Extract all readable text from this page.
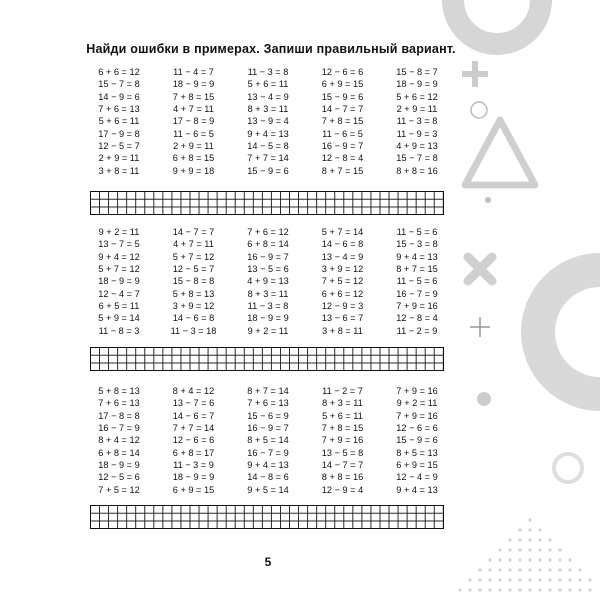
Найди ошибки в примерах. Запиши правильный вариант.
6 + 6 = 12
15 − 7 = 8
14 − 9 = 6
7 + 6 = 13
5 + 6 = 11
17 − 9 = 8
12 − 5 = 7
2 + 9 = 11
3 + 8 = 11
11 − 4 = 7
18 − 9 = 9
7 + 8 = 15
4 + 7 = 11
17 − 8 = 9
11 − 6 = 5
2 + 9 = 11
6 + 8 = 15
9 + 9 = 18
11 − 3 = 8
5 + 6 = 11
13 − 4 = 9
8 + 3 = 11
13 − 9 = 4
9 + 4 = 13
14 − 5 = 8
7 + 7 = 14
15 − 9 = 6
12 − 6 = 6
6 + 9 = 15
15 − 9 = 6
14 − 7 = 7
7 + 8 = 15
11 − 6 = 5
16 − 9 = 7
12 − 8 = 4
8 + 7 = 15
15 − 8 = 7
18 − 9 = 9
5 + 6 = 12
2 + 9 = 11
11 − 3 = 8
11 − 9 = 3
4 + 9 = 13
15 − 7 = 8
8 + 8 = 16
9 + 2 = 11
13 − 7 = 5
9 + 4 = 12
5 + 7 = 12
18 − 9 = 9
12 − 4 = 7
6 + 5 = 11
5 + 9 = 14
11 − 8 = 3
14 − 7 = 7
4 + 7 = 11
5 + 7 = 12
12 − 5 = 7
15 − 8 = 8
5 + 8 = 13
3 + 9 = 12
14 − 6 = 8
11 − 3 = 18
7 + 6 = 12
6 + 8 = 14
16 − 9 = 7
13 − 5 = 6
4 + 9 = 13
8 + 3 = 11
11 − 3 = 8
18 − 9 = 9
9 + 2 = 11
5 + 7 = 14
14 − 6 = 8
13 − 4 = 9
3 + 9 = 12
7 + 5 = 12
6 + 6 = 12
12 − 9 = 3
13 − 6 = 7
3 + 8 = 11
11 − 5 = 6
15 − 3 = 8
9 + 4 = 13
8 + 7 = 15
11 − 5 = 6
16 − 7 = 9
7 + 9 = 16
12 − 8 = 4
11 − 2 = 9
5 + 8 = 13
7 + 6 = 13
17 − 8 = 8
16 − 7 = 9
8 + 4 = 12
6 + 8 = 14
18 − 9 = 9
12 − 5 = 6
7 + 5 = 12
8 + 4 = 12
13 − 7 = 6
14 − 6 = 7
7 + 7 = 14
12 − 6 = 6
6 + 8 = 17
11 − 3 = 9
18 − 9 = 9
6 + 9 = 15
8 + 7 = 14
7 + 6 = 13
15 − 6 = 9
16 − 9 = 7
8 + 5 = 14
16 − 7 = 9
9 + 4 = 13
14 − 8 = 6
9 + 5 = 14
11 − 2 = 7
8 + 3 = 11
5 + 6 = 11
7 + 8 = 15
7 + 9 = 16
13 − 5 = 8
14 − 7 = 7
8 + 8 = 16
12 − 9 = 4
7 + 9 = 16
9 + 2 = 11
7 + 9 = 16
12 − 6 = 6
15 − 9 = 6
8 + 5 = 13
6 + 9 = 15
12 − 4 = 9
9 + 4 = 13
5
